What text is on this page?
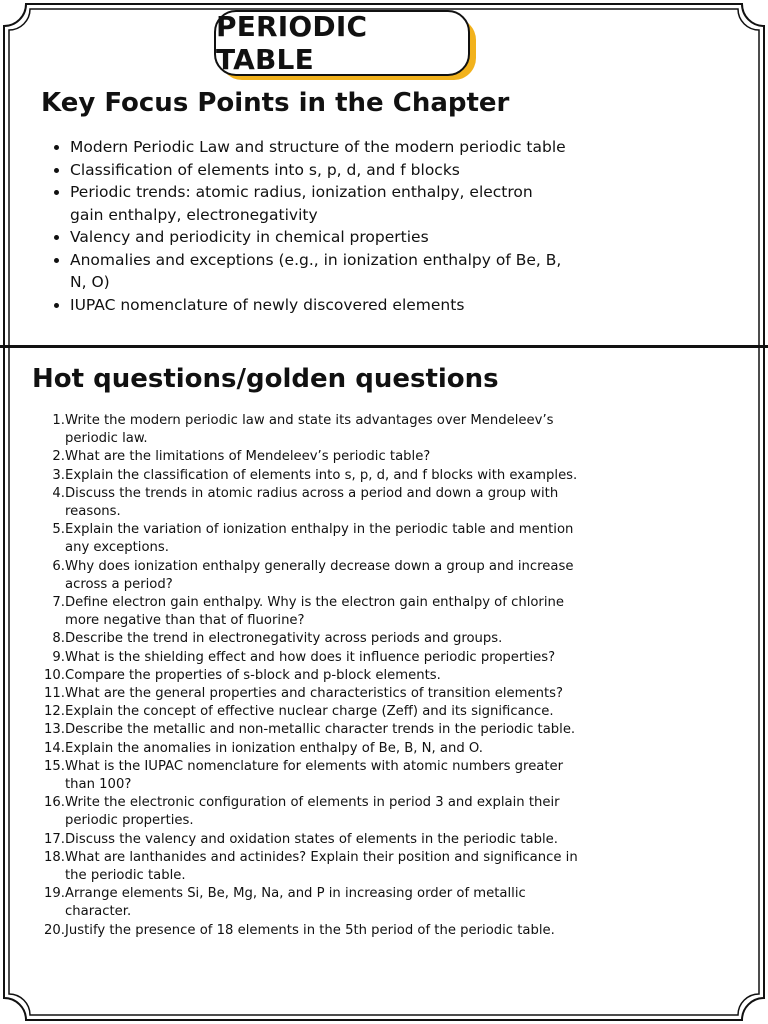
PERIODIC TABLE
Key Focus Points in the Chapter
Modern Periodic Law and structure of the modern periodic table
Classification of elements into s, p, d, and f blocks
Periodic trends: atomic radius, ionization enthalpy, electron gain enthalpy, electronegativity
Valency and periodicity in chemical properties
Anomalies and exceptions (e.g., in ionization enthalpy of Be, B, N, O)
IUPAC nomenclature of newly discovered elements
Hot questions/golden questions
1. Write the modern periodic law and state its advantages over Mendeleev’s periodic law.
2. What are the limitations of Mendeleev’s periodic table?
3. Explain the classification of elements into s, p, d, and f blocks with examples.
4. Discuss the trends in atomic radius across a period and down a group with reasons.
5. Explain the variation of ionization enthalpy in the periodic table and mention any exceptions.
6. Why does ionization enthalpy generally decrease down a group and increase across a period?
7. Define electron gain enthalpy. Why is the electron gain enthalpy of chlorine more negative than that of fluorine?
8. Describe the trend in electronegativity across periods and groups.
9. What is the shielding effect and how does it influence periodic properties?
10. Compare the properties of s-block and p-block elements.
11. What are the general properties and characteristics of transition elements?
12. Explain the concept of effective nuclear charge (Zeff) and its significance.
13. Describe the metallic and non-metallic character trends in the periodic table.
14. Explain the anomalies in ionization enthalpy of Be, B, N, and O.
15. What is the IUPAC nomenclature for elements with atomic numbers greater than 100?
16. Write the electronic configuration of elements in period 3 and explain their periodic properties.
17. Discuss the valency and oxidation states of elements in the periodic table.
18. What are lanthanides and actinides? Explain their position and significance in the periodic table.
19. Arrange elements Si, Be, Mg, Na, and P in increasing order of metallic character.
20. Justify the presence of 18 elements in the 5th period of the periodic table.
